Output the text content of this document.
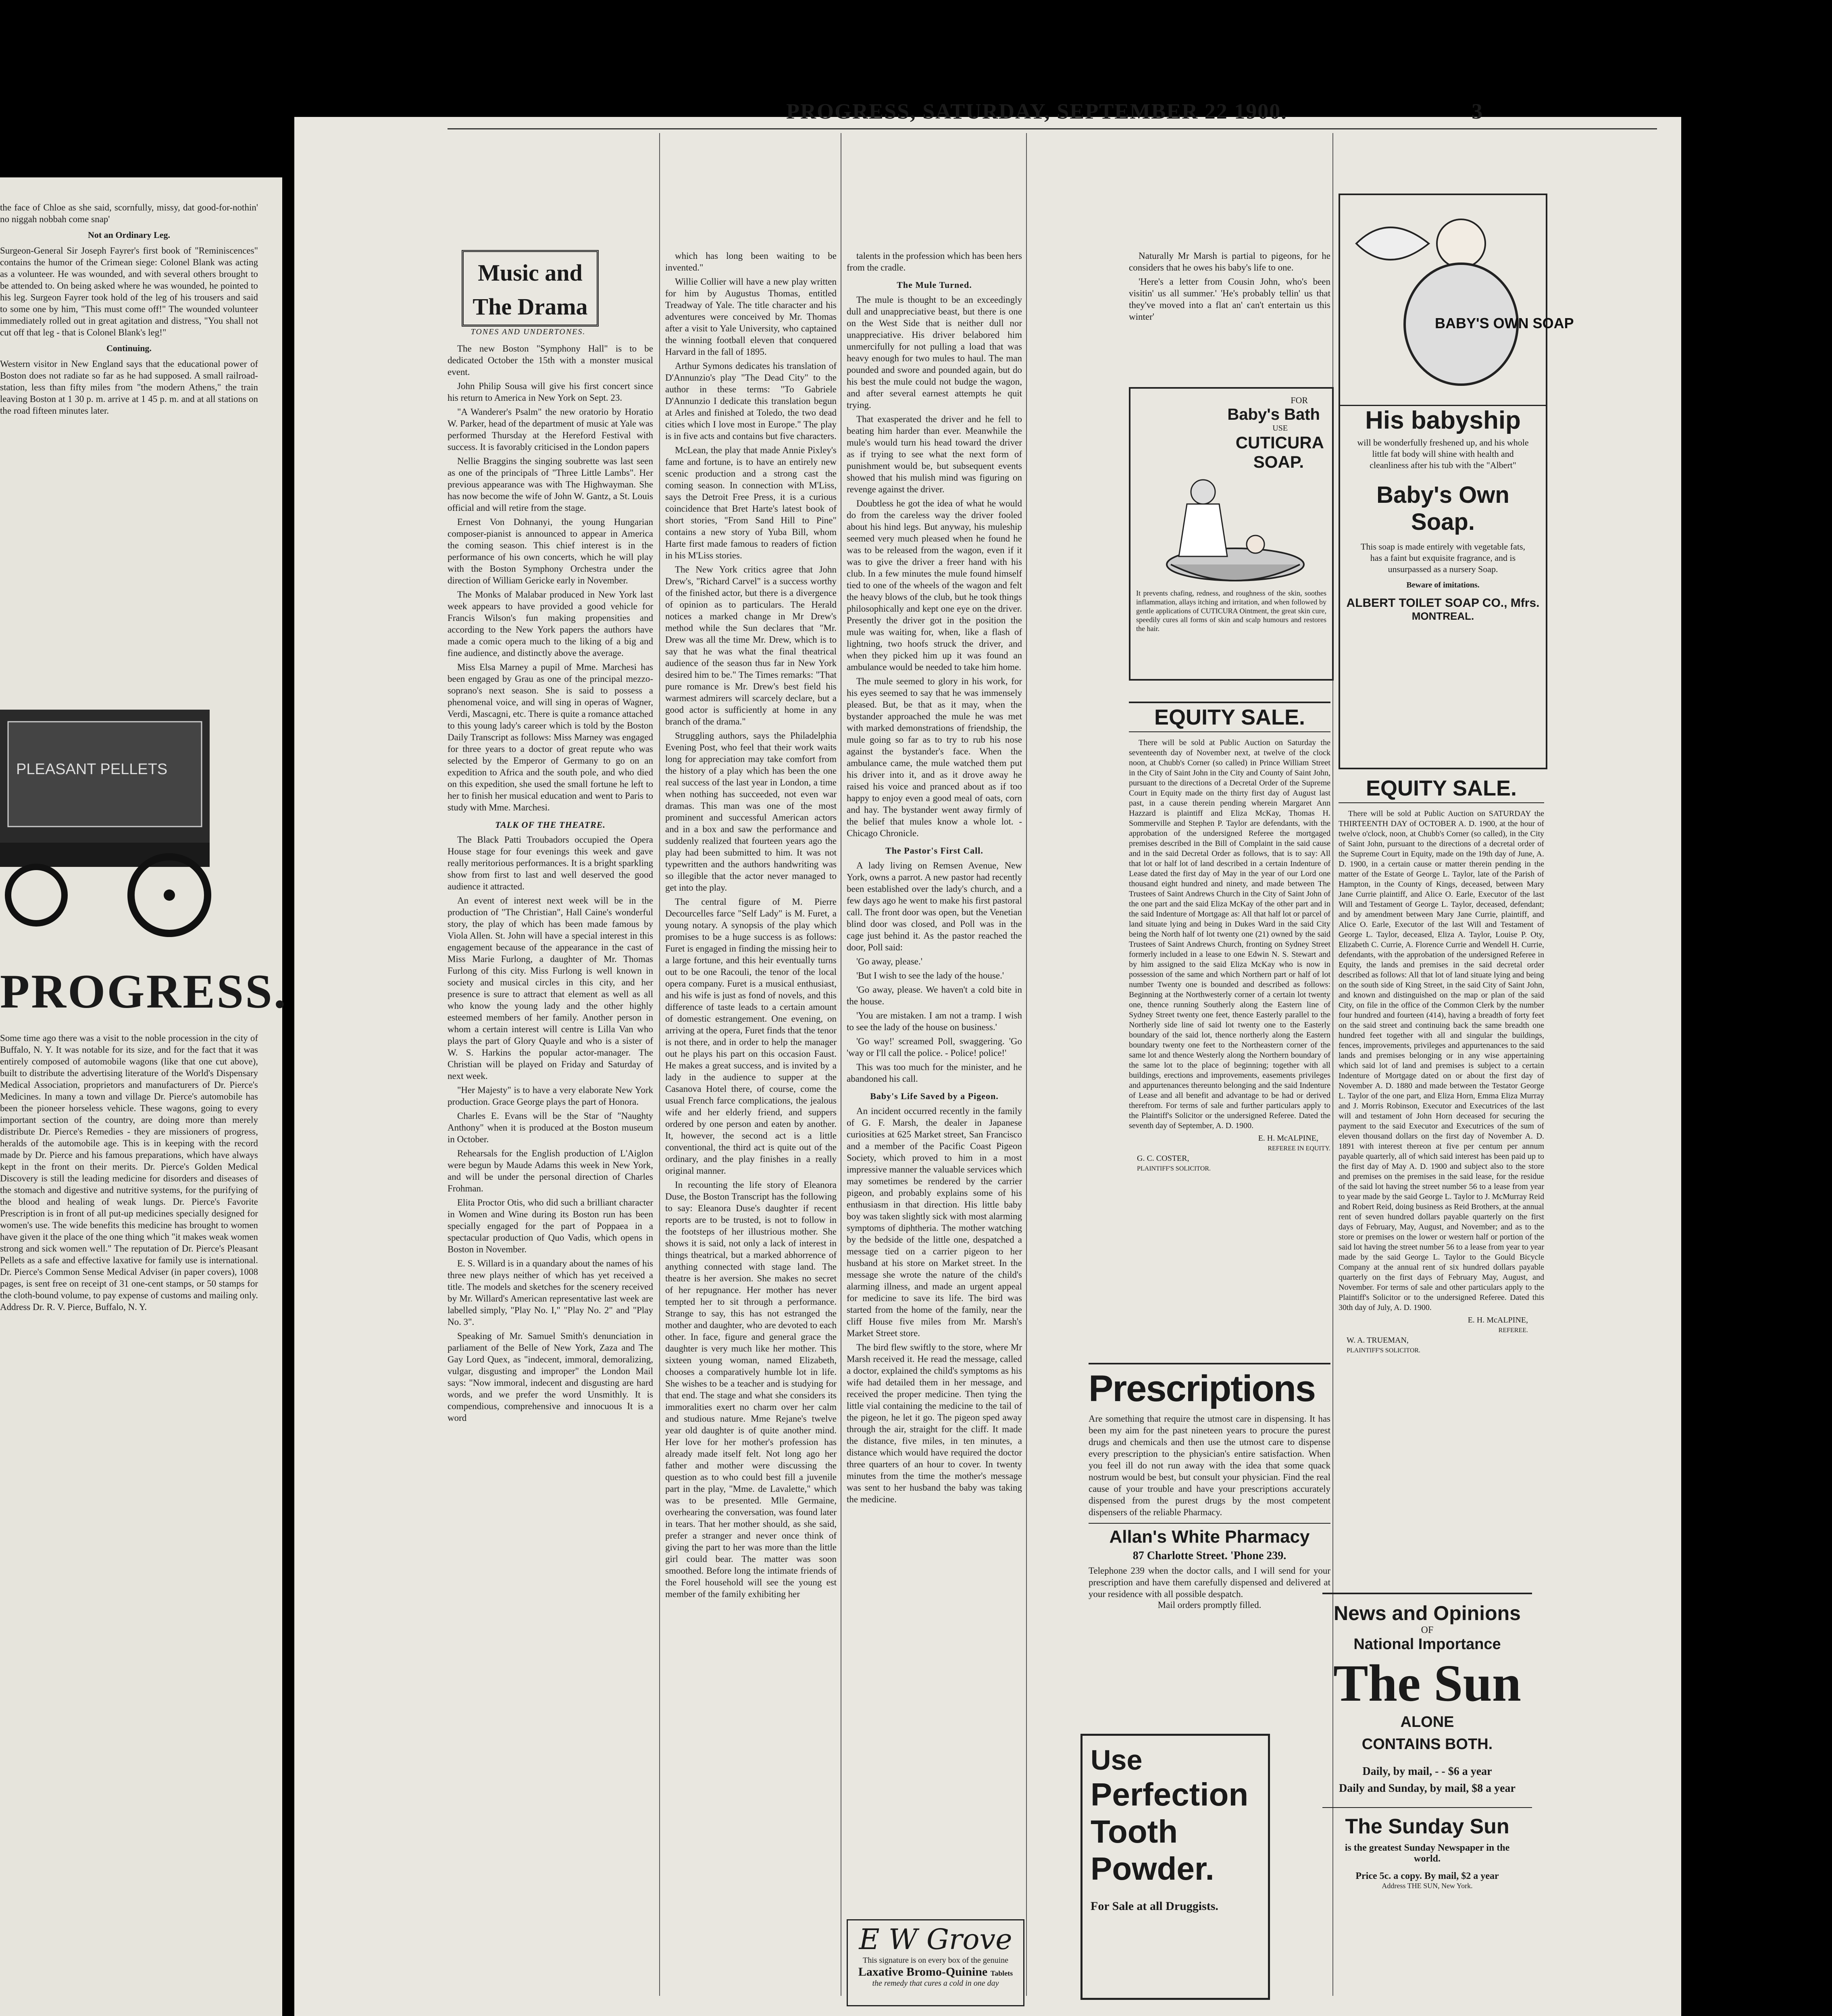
the face of Chloe as she said, scornfully, missy, dat good-for-nothin' no niggah nobbah come snap'

Not an Ordinary Leg.

Surgeon-General Sir Joseph Fayrer's first book of "Reminiscences" contains the humor of the Crimean siege: Colonel Blank was acting as a volunteer. He was wounded, and with several others brought to be attended to. On being asked where he was wounded, he pointed to his leg. Surgeon Fayrer took hold of the leg of his trousers and said to some one by him, "This must come off!" The wounded volunteer immediately rolled out in great agitation and distress, "You shall not cut off that leg - that is Colonel Blank's leg!"

Continuing.

Western visitor in New England says that the educational power of Boston does not radiate so far as he had supposed. A small railroad-station, less than fifty miles from "the modern Athens," the train leaving Boston at 1 30 p. m. arrive at 1 45 p. m. and at all stations on the road fifteen minutes later.

PLEASANT PELLETS
PROGRESS.

Some time ago there was a visit to the noble procession in the city of Buffalo, N. Y. It was notable for its size, and for the fact that it was entirely composed of automobile wagons (like that one cut above), built to distribute the advertising literature of the World's Dispensary Medical Association, proprietors and manufacturers of Dr. Pierce's Medicines. In many a town and village Dr. Pierce's automobile has been the pioneer horseless vehicle. These wagons, going to every important section of the country, are doing more than merely distribute Dr. Pierce's Remedies - they are missioners of progress, heralds of the automobile age. This is in keeping with the record made by Dr. Pierce and his famous preparations, which have always kept in the front on their merits. Dr. Pierce's Golden Medical Discovery is still the leading medicine for disorders and diseases of the stomach and digestive and nutritive systems, for the purifying of the blood and healing of weak lungs. Dr. Pierce's Favorite Prescription is in front of all put-up medicines specially designed for women's use. The wide benefits this medicine has brought to women have given it the place of the one thing which "it makes weak women strong and sick women well." The reputation of Dr. Pierce's Pleasant Pellets as a safe and effective laxative for family use is international. Dr. Pierce's Common Sense Medical Adviser (in paper covers), 1008 pages, is sent free on receipt of 31 one-cent stamps, or 50 stamps for the cloth-bound volume, to pay expense of customs and mailing only. Address Dr. R. V. Pierce, Buffalo, N. Y.

PROGRESS, SATURDAY, SEPTEMBER 22 1900.	3
Music and
The Drama
TONES AND UNDERTONES.

The new Boston "Symphony Hall" is to be dedicated October the 15th with a monster musical event.

John Philip Sousa will give his first concert since his return to America in New York on Sept. 23.

"A Wanderer's Psalm" the new oratorio by Horatio W. Parker, head of the department of music at Yale was performed Thursday at the Hereford Festival with success. It is favorably criticised in the London papers

Nellie Braggins the singing soubrette was last seen as one of the principals of "Three Little Lambs". Her previous appearance was with The Highwayman. She has now become the wife of John W. Gantz, a St. Louis official and will retire from the stage.

Ernest Von Dohnanyi, the young Hungarian composer-pianist is announced to appear in America the coming season. This chief interest is in the performance of his own concerts, which he will play with the Boston Symphony Orchestra under the direction of William Gericke early in November.

The Monks of Malabar produced in New York last week appears to have provided a good vehicle for Francis Wilson's fun making propensities and according to the New York papers the authors have made a comic opera much to the liking of a big and fine audience, and distinctly above the average.

Miss Elsa Marney a pupil of Mme. Marchesi has been engaged by Grau as one of the principal mezzo-soprano's next season. She is said to possess a phenomenal voice, and will sing in operas of Wagner, Verdi, Mascagni, etc. There is quite a romance attached to this young lady's career which is told by the Boston Daily Transcript as follows: Miss Marney was engaged for three years to a doctor of great repute who was selected by the Emperor of Germany to go on an expedition to Africa and the south pole, and who died on this expedition, she used the small fortune he left to her to finish her musical education and went to Paris to study with Mme. Marchesi.

TALK OF THE THEATRE.

The Black Patti Troubadors occupied the Opera House stage for four evenings this week and gave really meritorious performances. It is a bright sparkling show from first to last and well deserved the good audience it attracted.

An event of interest next week will be in the production of "The Christian", Hall Caine's wonderful story, the play of which has been made famous by Viola Allen. St. John will have a special interest in this engagement because of the appearance in the cast of Miss Marie Furlong, a daughter of Mr. Thomas Furlong of this city. Miss Furlong is well known in society and musical circles in this city, and her presence is sure to attract that element as well as all who know the young lady and the other highly esteemed members of her family. Another person in whom a certain interest will centre is Lilla Van who plays the part of Glory Quayle and who is a sister of W. S. Harkins the popular actor-manager. The Christian will be played on Friday and Saturday of next week.

"Her Majesty" is to have a very elaborate New York production. Grace George plays the part of Honora.

Charles E. Evans will be the Star of "Naughty Anthony" when it is produced at the Boston museum in October.

Rehearsals for the English production of L'Aiglon were begun by Maude Adams this week in New York, and will be under the personal direction of Charles Frohman.

Elita Proctor Otis, who did such a brilliant character in Women and Wine during its Boston run has been specially engaged for the part of Poppaea in a spectacular production of Quo Vadis, which opens in Boston in November.

E. S. Willard is in a quandary about the names of his three new plays neither of which has yet received a title. The models and sketches for the scenery received by Mr. Willard's American representative last week are labelled simply, "Play No. I," "Play No. 2" and "Play No. 3".

Speaking of Mr. Samuel Smith's denunciation in parliament of the Belle of New York, Zaza and The Gay Lord Quex, as "indecent, immoral, demoralizing, vulgar, disgusting and improper" the London Mail says: "Now immoral, indecent and disgusting are hard words, and we prefer the word Unsmithly. It is compendious, comprehensive and innocuous It is a word

which has long been waiting to be invented."

Willie Collier will have a new play written for him by Augustus Thomas, entitled Treadway of Yale. The title character and his adventures were conceived by Mr. Thomas after a visit to Yale University, who captained the winning football eleven that conquered Harvard in the fall of 1895.

Arthur Symons dedicates his translation of D'Annunzio's play "The Dead City" to the author in these terms: "To Gabriele D'Annunzio I dedicate this translation begun at Arles and finished at Toledo, the two dead cities which I love most in Europe." The play is in five acts and contains but five characters.

McLean, the play that made Annie Pixley's fame and fortune, is to have an entirely new scenic production and a strong cast the coming season. In connection with M'Liss, says the Detroit Free Press, it is a curious coincidence that Bret Harte's latest book of short stories, "From Sand Hill to Pine" contains a new story of Yuba Bill, whom Harte first made famous to readers of fiction in his M'Liss stories.

The New York critics agree that John Drew's, "Richard Carvel" is a success worthy of the finished actor, but there is a divergence of opinion as to particulars. The Herald notices a marked change in Mr Drew's method while the Sun declares that "Mr. Drew was all the time Mr. Drew, which is to say that he was what the final theatrical audience of the season thus far in New York desired him to be." The Times remarks: "That pure romance is Mr. Drew's best field his warmest admirers will scarcely declare, but a good actor is sufficiently at home in any branch of the drama."

Struggling authors, says the Philadelphia Evening Post, who feel that their work waits long for appreciation may take comfort from the history of a play which has been the one real success of the last year in London, a time when nothing has succeeded, not even war dramas. This man was one of the most prominent and successful American actors and in a box and saw the performance and suddenly realized that fourteen years ago the play had been submitted to him. It was not typewritten and the authors handwriting was so illegible that the actor never managed to get into the play.

The central figure of M. Pierre Decourcelles farce "Self Lady" is M. Furet, a young notary. A synopsis of the play which promises to be a huge success is as follows: Furet is engaged in finding the missing heir to a large fortune, and this heir eventually turns out to be one Racouli, the tenor of the local opera company. Furet is a musical enthusiast, and his wife is just as fond of novels, and this difference of taste leads to a certain amount of domestic estrangement. One evening, on arriving at the opera, Furet finds that the tenor is not there, and in order to help the manager out he plays his part on this occasion Faust. He makes a great success, and is invited by a lady in the audience to supper at the Casanova Hotel there, of course, come the usual French farce complications, the jealous wife and her elderly friend, and suppers ordered by one person and eaten by another. It, however, the second act is a little conventional, the third act is quite out of the ordinary, and the play finishes in a really original manner.

In recounting the life story of Eleanora Duse, the Boston Transcript has the following to say: Eleanora Duse's daughter if recent reports are to be trusted, is not to follow in the footsteps of her illustrious mother. She shows it is said, not only a lack of interest in things theatrical, but a marked abhorrence of anything connected with stage land. The theatre is her aversion. She makes no secret of her repugnance. Her mother has never tempted her to sit through a performance. Strange to say, this has not estranged the mother and daughter, who are devoted to each other. In face, figure and general grace the daughter is very much like her mother. This sixteen young woman, named Elizabeth, chooses a comparatively humble lot in life. She wishes to be a teacher and is studying for that end. The stage and what she considers its immoralities exert no charm over her calm and studious nature. Mme Rejane's twelve year old daughter is of quite another mind. Her love for her mother's profession has already made itself felt. Not long ago her father and mother were discussing the question as to who could best fill a juvenile part in the play, "Mme. de Lavalette," which was to be presented. Mlle Germaine, overhearing the conversation, was found later in tears. That her mother should, as she said, prefer a stranger and never once think of giving the part to her was more than the little girl could bear. The matter was soon smoothed. Before long the intimate friends of the Forel household will see the young est member of the family exhibiting her

talents in the profession which has been hers from the cradle.

The Mule Turned.

The mule is thought to be an exceedingly dull and unappreciative beast, but there is one on the West Side that is neither dull nor unappreciative. His driver belabored him unmercifully for not pulling a load that was heavy enough for two mules to haul. The man pounded and swore and pounded again, but do his best the mule could not budge the wagon, and after several earnest attempts he quit trying.

That exasperated the driver and he fell to beating him harder than ever. Meanwhile the mule's would turn his head toward the driver as if trying to see what the next form of punishment would be, but subsequent events showed that his mulish mind was figuring on revenge against the driver.

Doubtless he got the idea of what he would do from the careless way the driver fooled about his hind legs. But anyway, his muleship seemed very much pleased when he found he was to be released from the wagon, even if it was to give the driver a freer hand with his club. In a few minutes the mule found himself tied to one of the wheels of the wagon and felt the heavy blows of the club, but he took things philosophically and kept one eye on the driver. Presently the driver got in the position the mule was waiting for, when, like a flash of lightning, two hoofs struck the driver, and when they picked him up it was found an ambulance would be needed to take him home.

The mule seemed to glory in his work, for his eyes seemed to say that he was immensely pleased. But, be that as it may, when the bystander approached the mule he was met with marked demonstrations of friendship, the mule going so far as to try to rub his nose against the bystander's face. When the ambulance came, the mule watched them put his driver into it, and as it drove away he raised his voice and pranced about as if too happy to enjoy even a good meal of oats, corn and hay. The bystander went away firmly of the belief that mules know a whole lot. - Chicago Chronicle.

The Pastor's First Call.

A lady living on Remsen Avenue, New York, owns a parrot. A new pastor had recently been established over the lady's church, and a few days ago he went to make his first pastoral call. The front door was open, but the Venetian blind door was closed, and Poll was in the cage just behind it. As the pastor reached the door, Poll said:

'Go away, please.'

'But I wish to see the lady of the house.'

'Go away, please. We haven't a cold bite in the house.

'You are mistaken. I am not a tramp. I wish to see the lady of the house on business.'

'Go way!' screamed Poll, swaggering. 'Go 'way or I'll call the police. - Police! police!'

This was too much for the minister, and he abandoned his call.

Baby's Life Saved by a Pigeon.

An incident occurred recently in the family of G. F. Marsh, the dealer in Japanese curiosities at 625 Market street, San Francisco and a member of the Pacific Coast Pigeon Society, which proved to him in a most impressive manner the valuable services which may sometimes be rendered by the carrier pigeon, and probably explains some of his enthusiasm in that direction. His little baby boy was taken slightly sick with most alarming symptoms of diphtheria. The mother watching by the bedside of the little one, despatched a message tied on a carrier pigeon to her husband at his store on Market street. In the message she wrote the nature of the child's alarming illness, and made an urgent appeal for medicine to save its life. The bird was started from the home of the family, near the cliff House five miles from Mr. Marsh's Market Street store.

The bird flew swiftly to the store, where Mr Marsh received it. He read the message, called a doctor, explained the child's symptoms as his wife had detailed them in her message, and received the proper medicine. Then tying the little vial containing the medicine to the tail of the pigeon, he let it go. The pigeon sped away through the air, straight for the cliff. It made the distance, five miles, in ten minutes, a distance which would have required the doctor three quarters of an hour to cover. In twenty minutes from the time the mother's message was sent to her husband the baby was taking the medicine.

E W Grove
This signature is on every box of the genuine
Laxative Bromo-Quinine Tablets
the remedy that cures a cold in one day

Naturally Mr Marsh is partial to pigeons, for he considers that he owes his baby's life to one.

'Here's a letter from Cousin John, who's been visitin' us all summer.' 'He's probably tellin' us that they've moved into a flat an' can't entertain us this winter'

FOR
Baby's Bath
USE
CUTICURA
SOAP.
It prevents chafing, redness, and roughness of the skin, soothes inflammation, allays itching and irritation, and when followed by gentle applications of CUTICURA Ointment, the great skin cure, speedily cures all forms of skin and scalp humours and restores the hair.
EQUITY SALE.

There will be sold at Public Auction on Saturday the seventeenth day of November next, at twelve of the clock noon, at Chubb's Corner (so called) in Prince William Street in the City of Saint John in the City and County of Saint John, pursuant to the directions of a Decretal Order of the Supreme Court in Equity made on the thirty first day of August last past, in a cause therein pending wherein Margaret Ann Hazzard is plaintiff and Eliza McKay, Thomas H. Sommerville and Stephen P. Taylor are defendants, with the approbation of the undersigned Referee the mortgaged premises described in the Bill of Complaint in the said cause and in the said Decretal Order as follows, that is to say: All that lot or half lot of land described in a certain Indenture of Lease dated the first day of May in the year of our Lord one thousand eight hundred and ninety, and made between The Trustees of Saint Andrews Church in the City of Saint John of the one part and the said Eliza McKay of the other part and in the said Indenture of Mortgage as: All that half lot or parcel of land situate lying and being in Dukes Ward in the said City being the North half of lot twenty one (21) owned by the said Trustees of Saint Andrews Church, fronting on Sydney Street formerly included in a lease to one Edwin N. S. Stewart and by him assigned to the said Eliza McKay who is now in possession of the same and which Northern part or half of lot number Twenty one is bounded and described as follows: Beginning at the Northwesterly corner of a certain lot twenty one, thence running Southerly along the Eastern line of Sydney Street twenty one feet, thence Easterly parallel to the Northerly side line of said lot twenty one to the Easterly boundary of the said lot, thence northerly along the Eastern boundary twenty one feet to the Northeastern corner of the same lot and thence Westerly along the Northern boundary of the same lot to the place of beginning; together with all buildings, erections and improvements, easements privileges and appurtenances thereunto belonging and the said Indenture of Lease and all benefit and advantage to be had or derived therefrom. For terms of sale and further particulars apply to the Plaintiff's Solicitor or the undersigned Referee. Dated the seventh day of September, A. D. 1900.

E. H. McALPINE,
REFEREE IN EQUITY.
G. C. COSTER,
PLAINTIFF'S SOLICITOR.
Prescriptions
Are something that require the utmost care in dispensing. It has been my aim for the past nineteen years to procure the purest drugs and chemicals and then use the utmost care to dispense every prescription to the physician's entire satisfaction. When you feel ill do not run away with the idea that some quack nostrum would be best, but consult your physician. Find the real cause of your trouble and have your prescriptions accurately dispensed from the purest drugs by the most competent dispensers of the reliable Pharmacy.
Allan's White Pharmacy
87 Charlotte Street. 'Phone 239.
Telephone 239 when the doctor calls, and I will send for your prescription and have them carefully dispensed and delivered at your residence with all possible despatch.
Mail orders promptly filled.
Use
Perfection
Tooth
Powder.
For Sale at all Druggists.
BABY'S OWN SOAP
His babyship
will be wonderfully freshened up, and his whole little fat body will shine with health and cleanliness after his tub with the "Albert"
Baby's Own
Soap.
This soap is made entirely with vegetable fats, has a faint but exquisite fragrance, and is unsurpassed as a nursery Soap.
Beware of imitations.
ALBERT TOILET SOAP CO., Mfrs.
MONTREAL.
EQUITY SALE.

There will be sold at Public Auction on SATURDAY the THIRTEENTH DAY of OCTOBER A. D. 1900, at the hour of twelve o'clock, noon, at Chubb's Corner (so called), in the City of Saint John, pursuant to the directions of a decretal order of the Supreme Court in Equity, made on the 19th day of June, A. D. 1900, in a certain cause or matter therein pending in the matter of the Estate of George L. Taylor, late of the Parish of Hampton, in the County of Kings, deceased, between Mary Jane Currie plaintiff, and Alice O. Earle, Executor of the last Will and Testament of George L. Taylor, deceased, defendant; and by amendment between Mary Jane Currie, plaintiff, and Alice O. Earle, Executor of the last Will and Testament of George L. Taylor, deceased, Eliza A. Taylor, Louise P. Oty, Elizabeth C. Currie, A. Florence Currie and Wendell H. Currie, defendants, with the approbation of the undersigned Referee in Equity, the lands and premises in the said decretal order described as follows: All that lot of land situate lying and being on the south side of King Street, in the said City of Saint John, and known and distinguished on the map or plan of the said City, on file in the office of the Common Clerk by the number four hundred and fourteen (414), having a breadth of forty feet on the said street and continuing back the same breadth one hundred feet together with all and singular the buildings, fences, improvements, privileges and appurtenances to the said lands and premises belonging or in any wise appertaining which said lot of land and premises is subject to a certain Indenture of Mortgage dated on or about the first day of November A. D. 1880 and made between the Testator George L. Taylor of the one part, and Eliza Horn, Emma Eliza Murray and J. Morris Robinson, Executor and Executrices of the last will and testament of John Horn deceased for securing the payment to the said Executor and Executrices of the sum of eleven thousand dollars on the first day of November A. D. 1891 with interest thereon at five per centum per annum payable quarterly, all of which said interest has been paid up to the first day of May A. D. 1900 and subject also to the store and premises on the premises in the said lease, for the residue of the said lot having the street number 56 to a lease from year to year made by the said George L. Taylor to J. McMurray Reid and Robert Reid, doing business as Reid Brothers, at the annual rent of seven hundred dollars payable quarterly on the first days of February, May, August, and November; and as to the store or premises on the lower or western half or portion of the said lot having the street number 56 to a lease from year to year made by the said George L. Taylor to the Gould Bicycle Company at the annual rent of six hundred dollars payable quarterly on the first days of February May, August, and November. For terms of sale and other particulars apply to the Plaintiff's Solicitor or to the undersigned Referee. Dated this 30th day of July, A. D. 1900.

E. H. McALPINE,
REFEREE.
W. A. TRUEMAN,
PLAINTIFF'S SOLICITOR.
News and Opinions
OF
National Importance
The Sun
ALONE
CONTAINS BOTH.
Daily, by mail, - - $6 a year
Daily and Sunday, by mail, $8 a year
The Sunday Sun
is the greatest Sunday Newspaper in the world.
Price 5c. a copy. By mail, $2 a year
Address THE SUN, New York.
